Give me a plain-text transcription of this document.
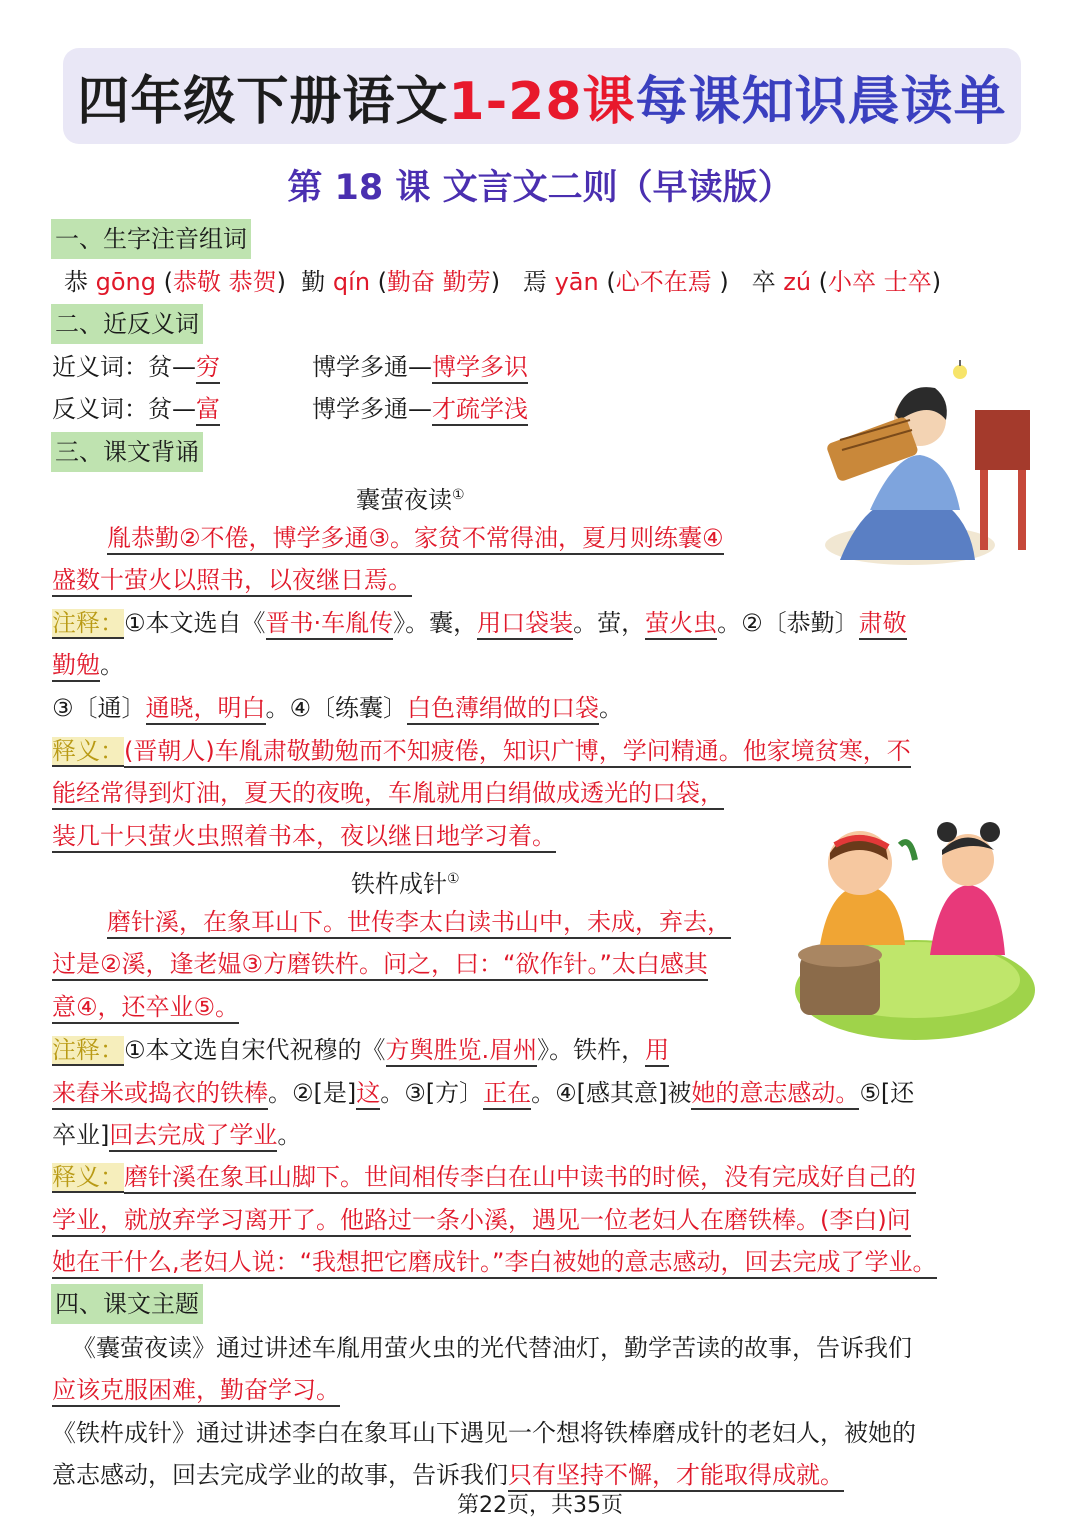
四年级下册语文 1-28课 每课知识晨读单
第 18 课 文言文二则（早读版）
一、生字注音组词
恭 gōng (恭敬 恭贺)  勤 qín (勤奋 勤劳)   焉 yān (心不在焉 )   卒 zú (小卒 士卒)
二、近反义词
近义词：贫—穷	博学多通—博学多识
反义词：贫—富	博学多通—才疏学浅
三、课文背诵
囊萤夜读①
胤恭勤②不倦，博学多通③。家贫不常得油，夏月则练囊④
盛数十萤火以照书，以夜继日焉。
注释：①本文选自《晋书·车胤传》。囊，用口袋装。萤，萤火虫。②〔恭勤〕肃敬
勤勉。
③〔通〕通晓，明白。④〔练囊〕白色薄绢做的口袋。
释义：(晋朝人)车胤肃敬勤勉而不知疲倦，知识广博，学问精通。他家境贫寒，不
能经常得到灯油，夏天的夜晚，车胤就用白绢做成透光的口袋，
装几十只萤火虫照着书本，夜以继日地学习着。
铁杵成针①
磨针溪，在象耳山下。世传李太白读书山中，未成，弃去，
过是②溪，逢老媪③方磨铁杵。问之，曰：“欲作针。”太白感其
意④，还卒业⑤。
注释：①本文选自宋代祝穆的《方舆胜览.眉州》。铁杵，用
来舂米或捣衣的铁棒。②[是]这。③[方〕正在。④[感其意]被她的意志感动。⑤[还
卒业]回去完成了学业。
释义：磨针溪在象耳山脚下。世间相传李白在山中读书的时候，没有完成好自己的
学业，就放弃学习离开了。他路过一条小溪，遇见一位老妇人在磨铁棒。(李白)问
她在干什么,老妇人说：“我想把它磨成针。”李白被她的意志感动，回去完成了学业。
四、课文主题
《囊萤夜读》通过讲述车胤用萤火虫的光代替油灯，勤学苦读的故事，告诉我们
应该克服困难，勤奋学习。
《铁杵成针》通过讲述李白在象耳山下遇见一个想将铁棒磨成针的老妇人，被她的
意志感动，回去完成学业的故事，告诉我们只有坚持不懈，才能取得成就。
第22页，共35页
